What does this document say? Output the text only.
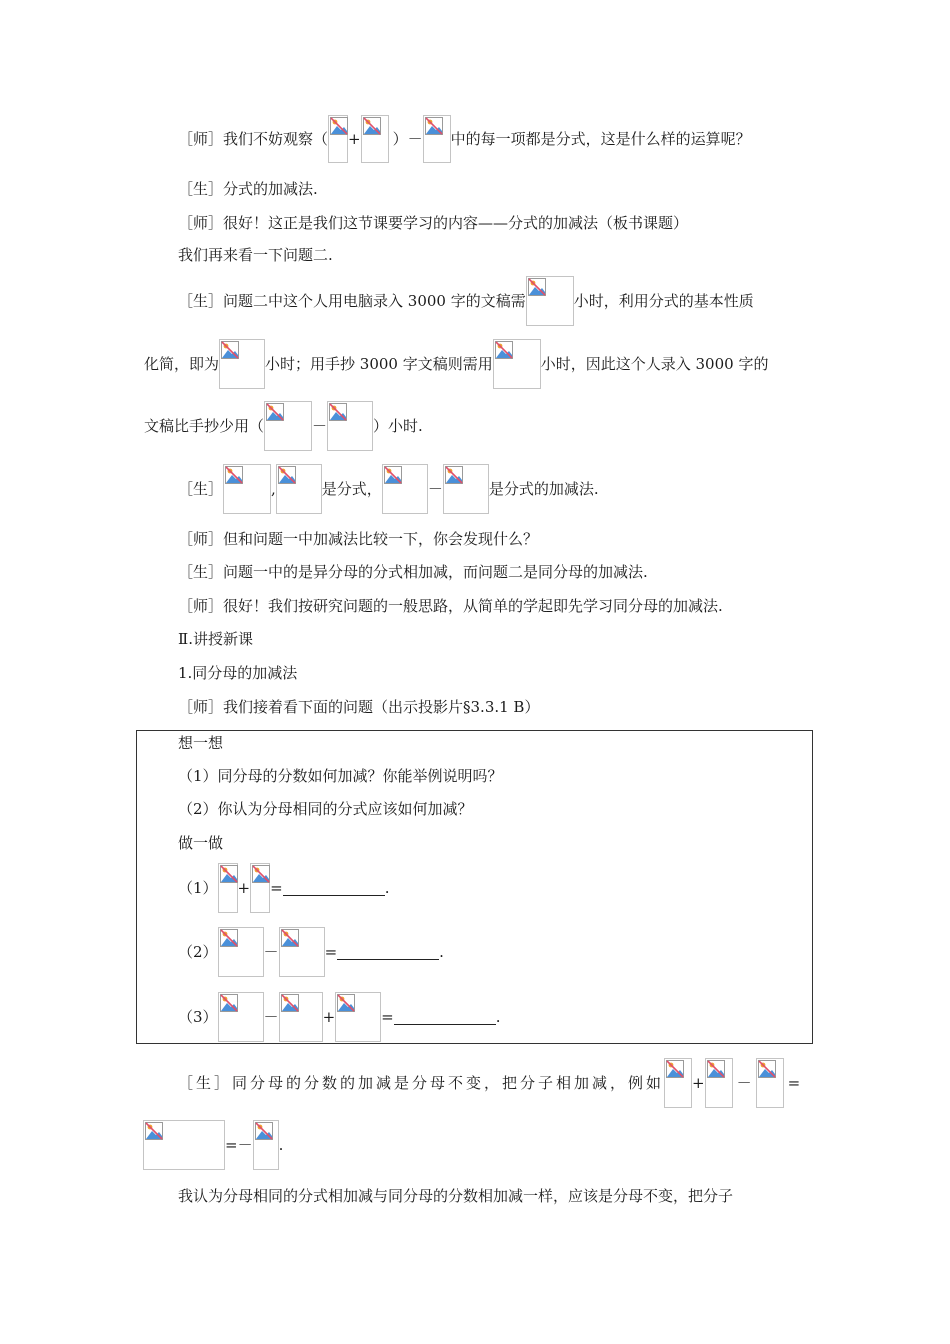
［师］我们不妨观察（ + ）－ 中的每一项都是分式，这是什么样的运算呢？
［生］分式的加减法.
［师］很好！这正是我们这节课要学习的内容——分式的加减法（板书课题）
我们再来看一下问题二.
［生］问题二中这个人用电脑录入 3000 字的文稿需	小时，利用分式的基本性质
化简，即为	小时；用手抄 3000 字文稿则需用	小时，因此这个人录入 3000 字的
文稿比手抄少用（	－	）小时.
［生］	,	是分式，	－	是分式的加减法.
［师］但和问题一中加减法比较一下，你会发现什么？
［生］问题一中的是异分母的分式相加减，而问题二是同分母的加减法.
［师］很好！我们按研究问题的一般思路，从简单的学起即先学习同分母的加减法.
Ⅱ.讲授新课
1.同分母的加减法
［师］我们接着看下面的问题（出示投影片§3.3.1 B）
想一想
（1）同分母的分数如何加减？你能举例说明吗？
（2）你认为分母相同的分式应该如何加减？
做一做
（1） + =	.
（2）	－	=	.
（3）	－	+	=	.
［生］同分母的分数的加减是分母不变，把分子相加减，例如 + － =
=－ .
我认为分母相同的分式相加减与同分母的分数相加减一样，应该是分母不变，把分子
